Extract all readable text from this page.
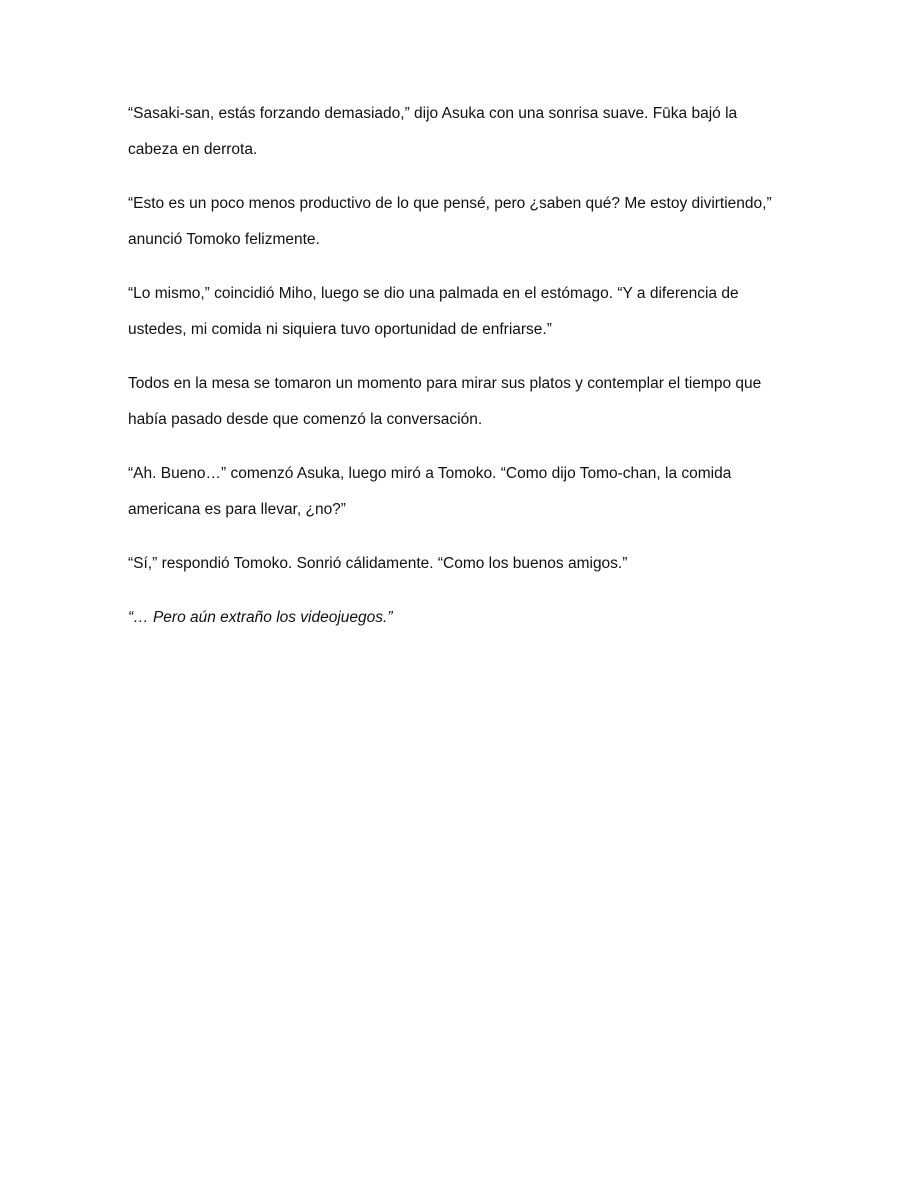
“Sasaki-san, estás forzando demasiado,” dijo Asuka con una sonrisa suave. Fūka bajó la cabeza en derrota.

“Esto es un poco menos productivo de lo que pensé, pero ¿saben qué? Me estoy divirtiendo,” anunció Tomoko felizmente.

“Lo mismo,” coincidió Miho, luego se dio una palmada en el estómago. “Y a diferencia de ustedes, mi comida ni siquiera tuvo oportunidad de enfriarse.”

Todos en la mesa se tomaron un momento para mirar sus platos y contemplar el tiempo que había pasado desde que comenzó la conversación.

“Ah. Bueno…” comenzó Asuka, luego miró a Tomoko. “Como dijo Tomo-chan, la comida americana es para llevar, ¿no?”

“Sí,” respondió Tomoko. Sonrió cálidamente. “Como los buenos amigos.”

“… Pero aún extraño los videojuegos.”
